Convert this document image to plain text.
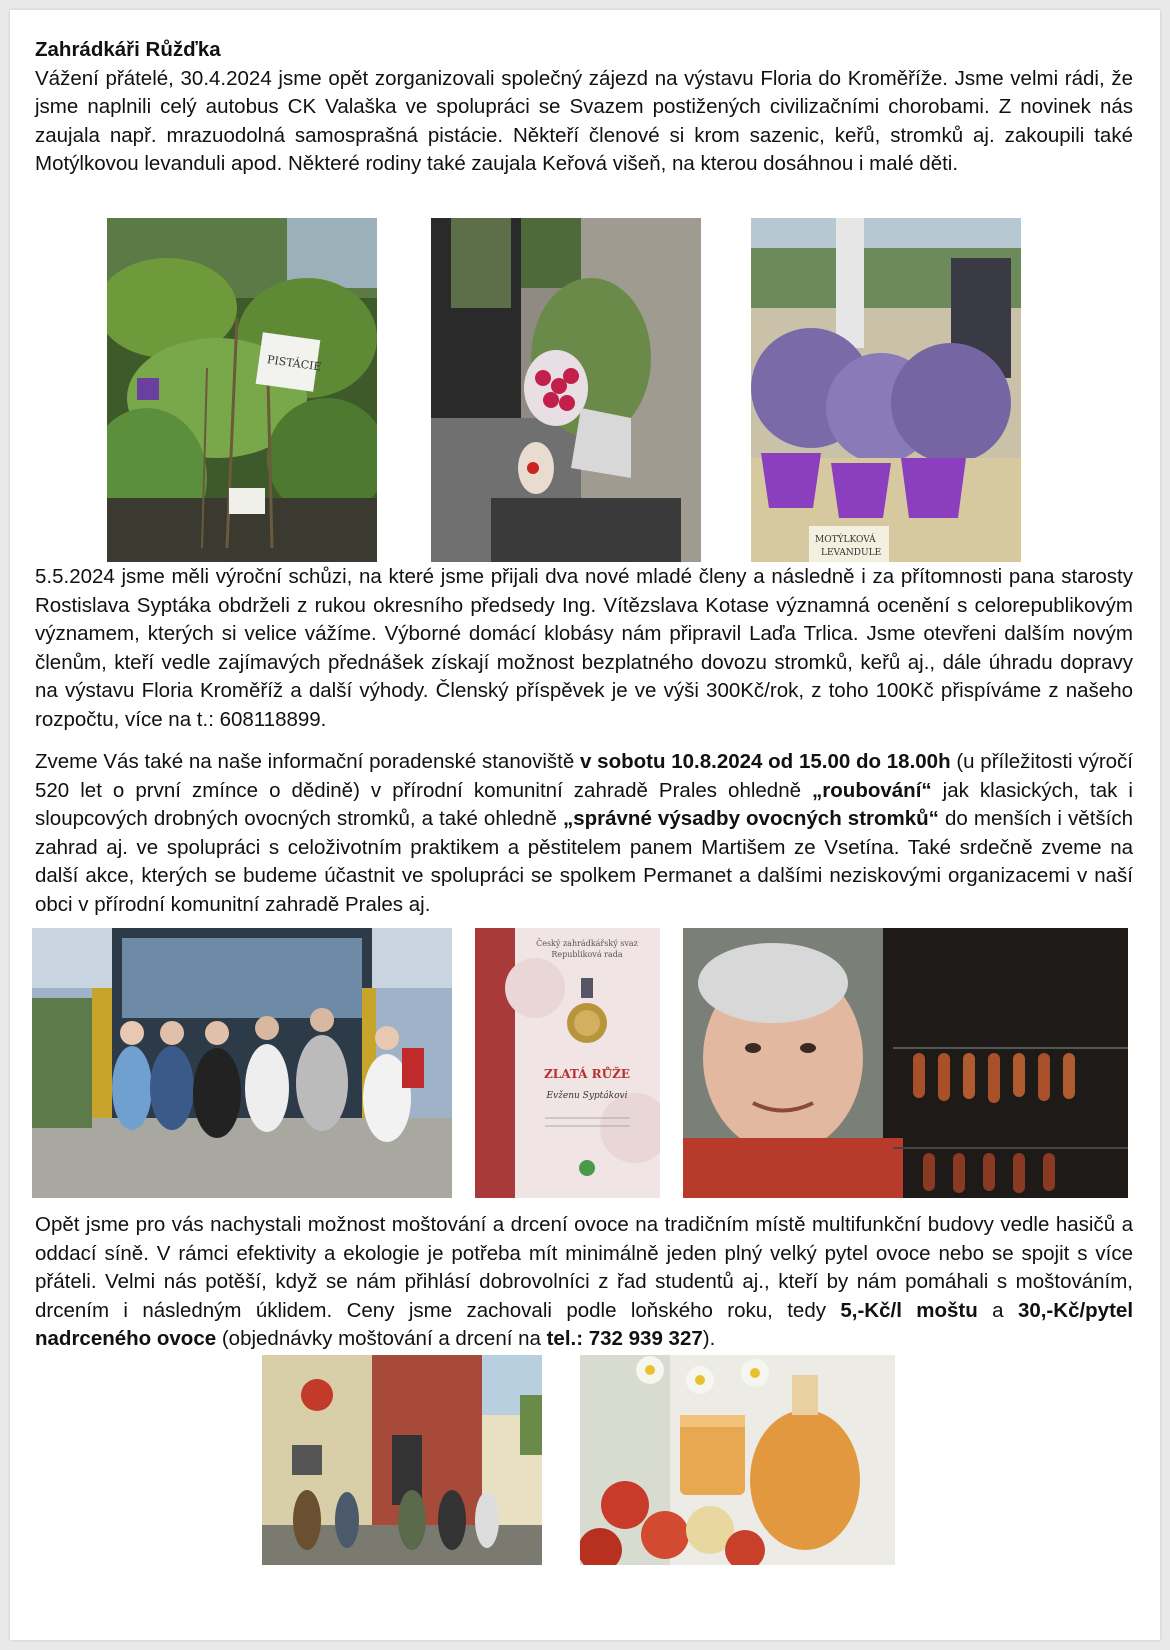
Zahrádkáři Růžďka
Vážení přátelé, 30.4.2024 jsme opět zorganizovali společný zájezd na výstavu Floria do Kroměříže. Jsme velmi rádi, že jsme naplnili celý autobus CK Valaška ve spolupráci se Svazem postižených civilizačními chorobami. Z novinek nás zaujala např. mrazuodolná samosprašná pistácie. Někteří členové si krom sazenic, keřů, stromků aj. zakoupili také Motýlkovou levanduli apod. Některé rodiny také zaujala Keřová višeň, na kterou dosáhnou i malé děti.

PISTÁCIE
MOTÝLKOVÁ
LEVANDULE

5.5.2024 jsme měli výroční schůzi, na které jsme přijali dva nové mladé členy a následně i za přítomnosti pana starosty Rostislava Syptáka obdrželi z rukou okresního předsedy Ing. Vítězslava Kotase významná ocenění s celorepublikovým významem, kterých si velice vážíme. Výborné domácí klobásy nám připravil Laďa Trlica. Jsme otevřeni dalším novým členům, kteří vedle zajímavých přednášek získají možnost bezplatného dovozu stromků, keřů aj., dále úhradu dopravy na výstavu Floria Kroměříž a další výhody. Členský příspěvek je ve výši 300Kč/rok, z toho 100Kč přispíváme z našeho rozpočtu, více na t.: 608118899.

Zveme Vás také na naše informační poradenské stanoviště v sobotu 10.8.2024 od 15.00 do 18.00h (u příležitosti výročí 520 let o první zmínce o dědině) v přírodní komunitní zahradě Prales ohledně „roubování“ jak klasických, tak i sloupcových drobných ovocných stromků, a také ohledně „správné výsadby ovocných stromků“ do menších i větších zahrad aj. ve spolupráci s celoživotním praktikem a pěstitelem panem Martišem ze Vsetína. Také srdečně zveme na další akce, kterých se budeme účastnit ve spolupráci se spolkem Permanet a dalšími neziskovými organizacemi v naší obci v přírodní komunitní zahradě Prales aj.

Český zahrádkářský svaz
Republiková rada
ZLATÁ RŮŽE
Evženu Syptákovi

Opět jsme pro vás nachystali možnost moštování a drcení ovoce na tradičním místě multifunkční budovy vedle hasičů a oddací síně. V rámci efektivity a ekologie je potřeba mít minimálně jeden plný velký pytel ovoce nebo se spojit s více přáteli. Velmi nás potěší, když se nám přihlásí dobrovolníci z řad studentů aj., kteří by nám pomáhali s moštováním, drcením i následným úklidem. Ceny jsme zachovali podle loňského roku, tedy 5,-Kč/l moštu a 30,-Kč/pytel nadrceného ovoce (objednávky moštování a drcení na tel.: 732 939 327).
